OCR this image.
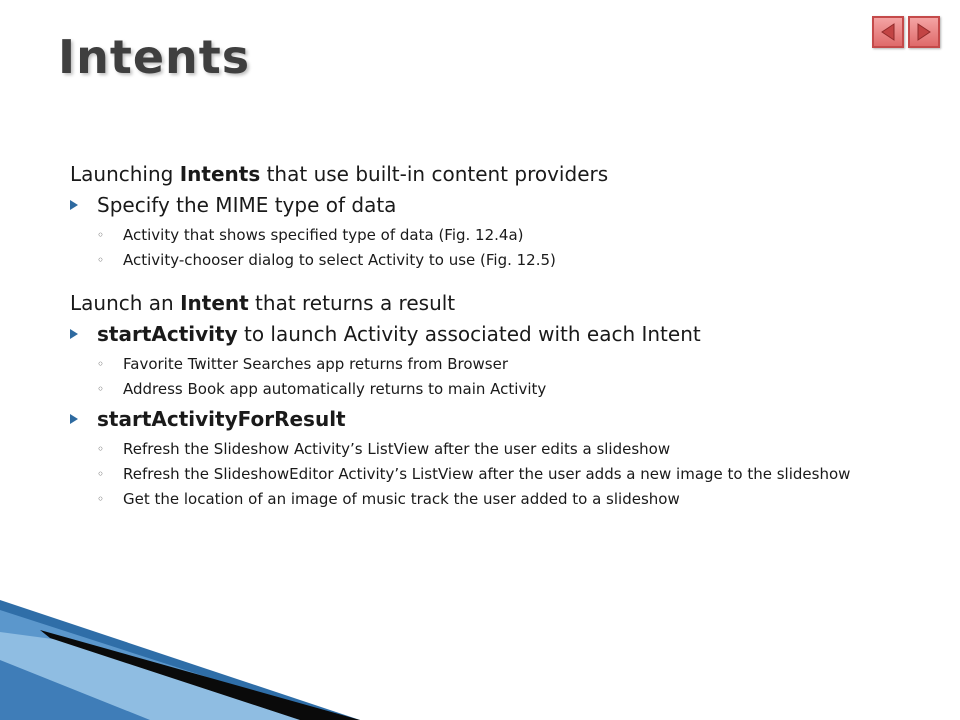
Intents

Launching Intents that use built-in content providers

Specify the MIME type of data
◦	Activity that shows specified type of data (Fig. 12.4a)
◦	Activity-chooser dialog to select Activity to use (Fig. 12.5)

Launch an Intent that returns a result

startActivity to launch Activity associated with each Intent
◦	Favorite Twitter Searches app returns from Browser
◦	Address Book app automatically returns to main Activity
startActivityForResult
◦	Refresh the Slideshow Activity’s ListView after the user edits a slideshow
◦	Refresh the SlideshowEditor Activity’s ListView after the user adds a new image to the slideshow
◦	Get the location of an image of music track the user added to a slideshow
